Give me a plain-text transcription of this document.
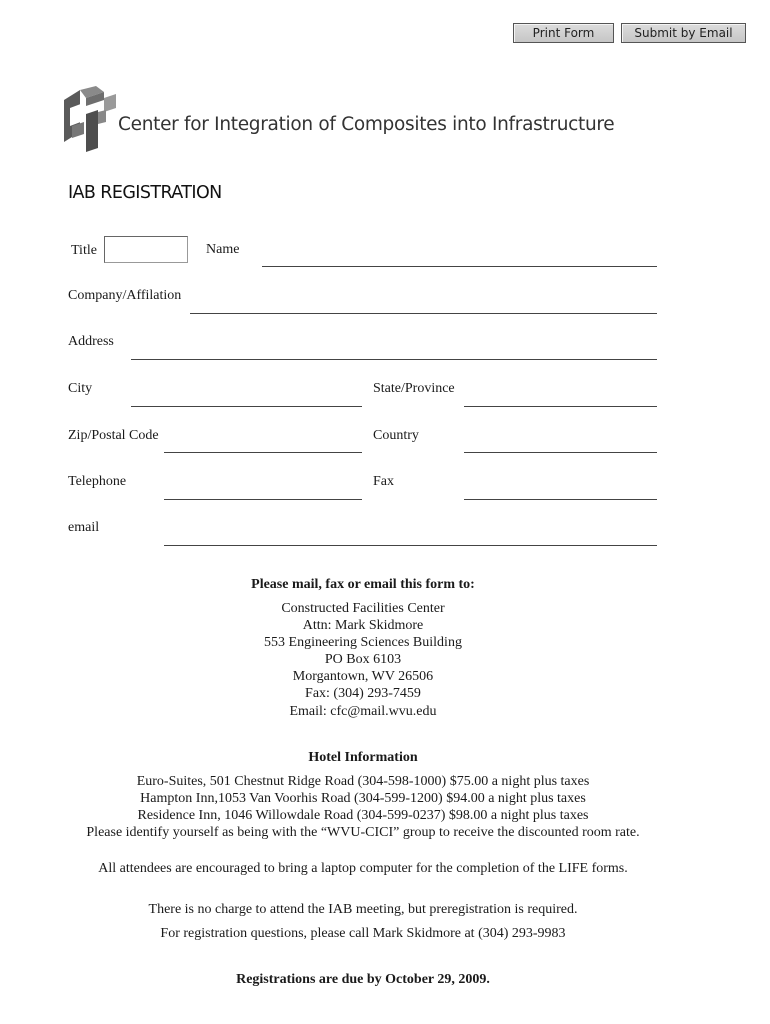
Print Form	Submit by Email
Center for Integration of Composites into Infrastructure
IAB REGISTRATION
Title	Name
Company/Affilation
Address
City	State/Province
Zip/Postal Code	Country
Telephone	Fax
email
Please mail, fax or email this form to:
Constructed Facilities Center
Attn: Mark Skidmore
553 Engineering Sciences Building
PO Box 6103
Morgantown, WV 26506
Fax: (304) 293-7459
Email: cfc@mail.wvu.edu
Hotel Information
Euro-Suites, 501 Chestnut Ridge Road (304-598-1000) $75.00 a night plus taxes
Hampton Inn,1053 Van Voorhis Road (304-599-1200) $94.00 a night plus taxes
Residence Inn, 1046 Willowdale Road (304-599-0237) $98.00 a night plus taxes
Please identify yourself as being with the “WVU-CICI” group to receive the discounted room rate.
All attendees are encouraged to bring a laptop computer for the completion of the LIFE forms.
There is no charge to attend the IAB meeting, but preregistration is required.
For registration questions, please call Mark Skidmore at (304) 293-9983
Registrations are due by October 29, 2009.
